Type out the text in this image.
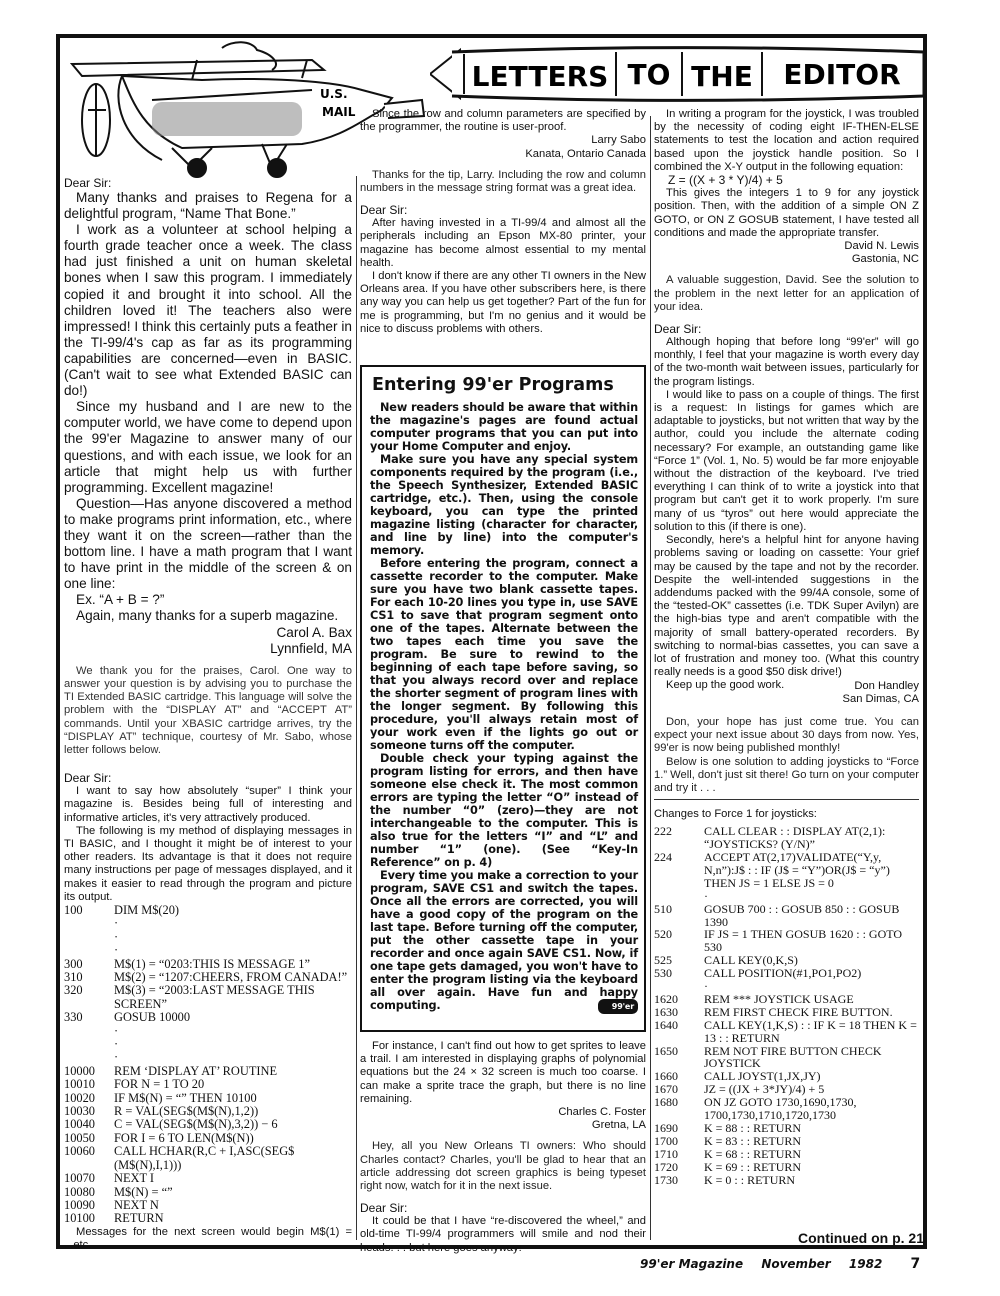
U.S.
MAIL
LETTERS TO THE EDITOR

Dear Sir:

Many thanks and praises to Regena for a delightful program, “Name That Bone.”

I work as a volunteer at school helping a fourth grade teacher once a week. The class had just finished a unit on human skeletal bones when I saw this program. I immediately copied it and brought it into school. All the children loved it! The teachers also were impressed! I think this certainly puts a feather in the TI-99/4's cap as far as its programming capabilities are concerned—even in BASIC. (Can't wait to see what Extended BASIC can do!)

Since my husband and I are new to the computer world, we have come to depend upon the 99'er Magazine to answer many of our questions, and with each issue, we look for an article that might help us with further programming. Excellent magazine!

Question—Has anyone discovered a method to make programs print information, etc., where they want it on the screen—rather than the bottom line. I have a math program that I want to have print in the middle of the screen & on one line:

Ex. “A + B = ?”

Again, many thanks for a superb magazine.

Carol A. Bax

Lynnfield, MA

We thank you for the praises, Carol. One way to answer your question is by advising you to purchase the TI Extended BASIC cartridge. This language will solve the problem with the “DISPLAY AT” and “ACCEPT AT” commands. Until your XBASIC cartridge arrives, try the “DISPLAY AT” technique, courtesy of Mr. Sabo, whose letter follows below.

Dear Sir:

I want to say how absolutely “super” I think your magazine is. Besides being full of interesting and informative articles, it's very attractively produced.

The following is my method of displaying messages in TI BASIC, and I thought it might be of interest to your other readers. Its advantage is that it does not require many instructions per page of messages displayed, and it makes it easier to read through the program and picture its output.

100	DIM M$(20)
·
·
·
300	M$(1) = “0203:THIS IS MESSAGE 1”
310	M$(2) = “1207:CHEERS, FROM CANADA!”
320	M$(3) = “2003:LAST MESSAGE THIS SCREEN”
330	GOSUB 10000
·
·
·
10000	REM ‘DISPLAY AT’ ROUTINE
10010	FOR N = 1 TO 20
10020	IF M$(N) = “” THEN 10100
10030	R = VAL(SEG$(M$(N),1,2))
10040	C = VAL(SEG$(M$(N),3,2)) − 6
10050	FOR I = 6 TO LEN(M$(N))
10060	CALL HCHAR(R,C + I,ASC(SEG$ (M$(N),I,1)))
10070	NEXT I
10080	M$(N) = “”
10090	NEXT N
10100	RETURN

Messages for the next screen would begin M$(1) = ...etc.

Since the row and column parameters are specified by the programmer, the routine is user-proof.

Larry Sabo

Kanata, Ontario Canada

Thanks for the tip, Larry. Including the row and column numbers in the message string format was a great idea.

Dear Sir:

After having invested in a TI-99/4 and almost all the peripherals including an Epson MX-80 printer, your magazine has become almost essential to my mental health.

I don't know if there are any other TI owners in the New Orleans area. If you have other subscribers here, is there any way you can help us get together? Part of the fun for me is programming, but I'm no genius and it would be nice to discuss problems with others.

Entering 99'er Programs

New readers should be aware that within the magazine's pages are found actual computer programs that you can put into your Home Computer and enjoy.

Make sure you have any special system components required by the program (i.e., the Speech Synthesizer, Extended BASIC cartridge, etc.). Then, using the console keyboard, you can type the printed magazine listing (character for character, and line by line) into the computer's memory.

Before entering the program, connect a cassette recorder to the computer. Make sure you have two blank cassette tapes. For each 10-20 lines you type in, use SAVE CS1 to save that program segment onto one of the tapes. Alternate between the two tapes each time you save the program. Be sure to rewind to the beginning of each tape before saving, so that you always record over and replace the shorter segment of program lines with the longer segment. By following this procedure, you'll always retain most of your work even if the lights go out or someone turns off the computer.

Double check your typing against the program listing for errors, and then have someone else check it. The most common errors are typing the letter “O” instead of the number “0” (zero)—they are not interchangeable to the computer. This is also true for the letters “I” and “L” and number “1” (one). (See “Key-In Reference” on p. 4)

Every time you make a correction to your program, SAVE CS1 and switch the tapes. Once all the errors are corrected, you will have a good copy of the program on the last tape. Before turning off the computer, put the other cassette tape in your recorder and once again SAVE CS1. Now, if one tape gets damaged, you won't have to enter the program listing via the keyboard all over again. Have fun and happy computing.	99'er

For instance, I can't find out how to get sprites to leave a trail. I am interested in displaying graphs of polynomial equations but the 24 × 32 screen is much too coarse. I can make a sprite trace the graph, but there is no line remaining.

Charles C. Foster

Gretna, LA

Hey, all you New Orleans TI owners: Who should Charles contact? Charles, you'll be glad to hear that an article addressing dot screen graphics is being typeset right now, watch for it in the next issue.

Dear Sir:

It could be that I have “re-discovered the wheel,” and old-time TI-99/4 programmers will smile and nod their heads. . . but here goes anyway:

In writing a program for the joystick, I was troubled by the necessity of coding eight IF-THEN-ELSE statements to test the location and action required based upon the joystick handle position. So I combined the X-Y output in the following equation:

Z = ((X + 3 * Y)/4) + 5

This gives the integers 1 to 9 for any joystick position. Then, with the addition of a simple ON Z GOTO, or ON Z GOSUB statement, I have tested all conditions and made the appropriate transfer.

David N. Lewis

Gastonia, NC

A valuable suggestion, David. See the solution to the problem in the next letter for an application of your idea.

Dear Sir:

Although hoping that before long “99'er” will go monthly, I feel that your magazine is worth every day of the two-month wait between issues, particularly for the program listings.

I would like to pass on a couple of things. The first is a request: In listings for games which are adaptable to joysticks, but not written that way by the author, could you include the alternate coding necessary? For example, an outstanding game like “Force 1” (Vol. 1, No. 5) would be far more enjoyable without the distraction of the keyboard. I've tried everything I can think of to write a joystick into that program but can't get it to work properly. I'm sure many of us “tyros” out here would appreciate the solution to this (if there is one).

Secondly, here's a helpful hint for anyone having problems saving or loading on cassette: Your grief may be caused by the tape and not by the recorder. Despite the well-intended suggestions in the addendums packed with the 99/4A console, some of the “tested-OK” cassettes (i.e. TDK Super Avilyn) are the high-bias type and aren't compatible with the majority of small battery-operated recorders. By switching to normal-bias cassettes, you can save a lot of frustration and money too. (What this country really needs is a good $50 disk drive!)

Keep up the good work.	Don Handley

San Dimas, CA

Don, your hope has just come true. You can expect your next issue about 30 days from now. Yes, 99'er is now being published monthly!

Below is one solution to adding joysticks to “Force 1.” Well, don't just sit there! Go turn on your computer and try it . . .

Changes to Force 1 for joysticks:

222	CALL CLEAR : : DISPLAY AT(2,1): “JOYSTICKS? (Y/N)”
224	ACCEPT AT(2,17)VALIDATE(“Y,y, N,n”):J$ : : IF (J$ = “Y”)OR(J$ = “y”) THEN JS = 1 ELSE JS = 0
·
510	GOSUB 700 : : GOSUB 850 : : GOSUB 1390
520	IF JS = 1 THEN GOSUB 1620 : : GOTO 530
525	CALL KEY(0,K,S)
530	CALL POSITION(#1,PO1,PO2)
·
1620	REM *** JOYSTICK USAGE
1630	REM FIRST CHECK FIRE BUTTON.
1640	CALL KEY(1,K,S) : : IF K = 18 THEN K = 13 : : RETURN
1650	REM NOT FIRE BUTTON CHECK JOYSTICK
1660	CALL JOYST(1,JX,JY)
1670	JZ = ((JX + 3*JY)/4) + 5
1680	ON JZ GOTO 1730,1690,1730, 1700,1730,1710,1720,1730
1690	K = 88 : : RETURN
1700	K = 83 : : RETURN
1710	K = 68 : : RETURN
1720	K = 69 : : RETURN
1730	K = 0 : : RETURN
Continued on p. 21
99'er Magazine November 1982 7
